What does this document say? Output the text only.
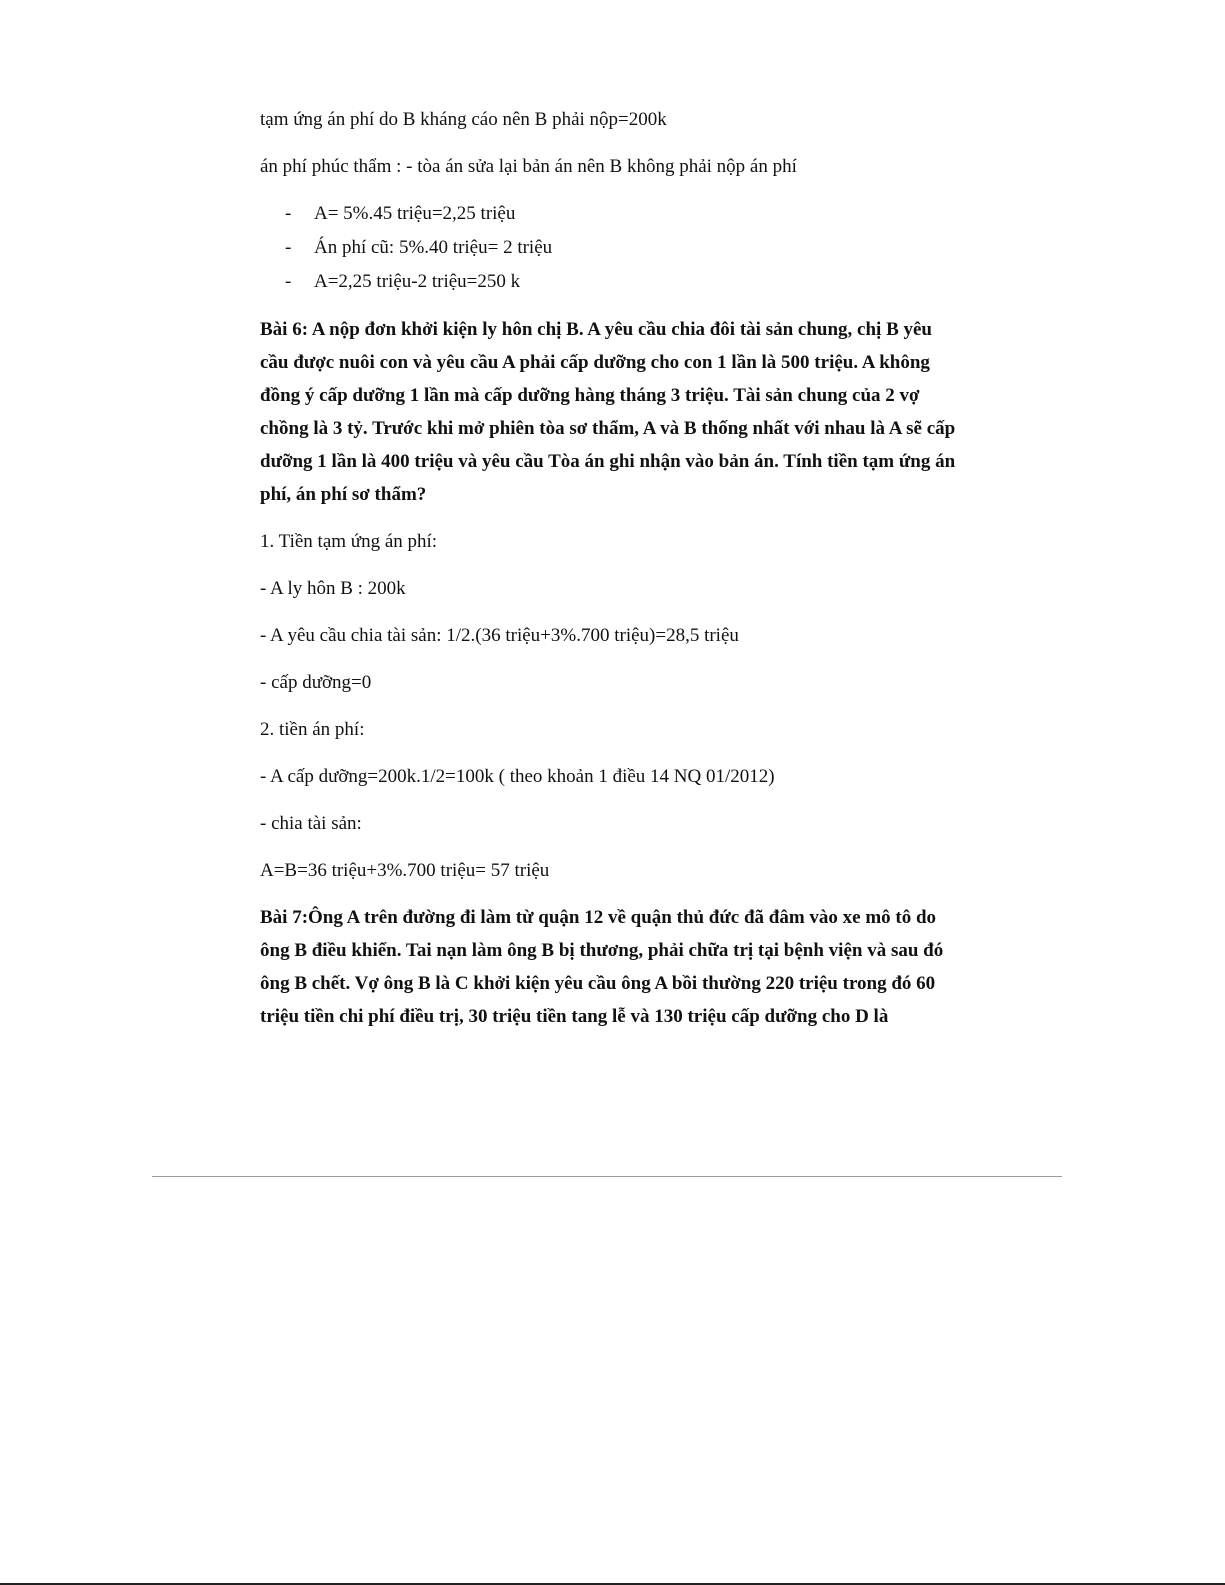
tạm ứng án phí do B kháng cáo nên B phải nộp=200k

án phí phúc thẩm : - tòa án sửa lại bản án nên B không phải nộp án phí

- A= 5%.45 triệu=2,25 triệu
- Án phí cũ: 5%.40 triệu= 2 triệu
- A=2,25 triệu-2 triệu=250 k

Bài 6: A nộp đơn khởi kiện ly hôn chị B. A yêu cầu chia đôi tài sản chung, chị B yêu cầu được nuôi con và yêu cầu A phải cấp dưỡng cho con 1 lần là 500 triệu. A không đồng ý cấp dưỡng 1 lần mà cấp dưỡng hàng tháng 3 triệu. Tài sản chung của 2 vợ chồng là 3 tỷ. Trước khi mở phiên tòa sơ thẩm, A và B thống nhất với nhau là A sẽ cấp dưỡng 1 lần là 400 triệu và yêu cầu Tòa án ghi nhận vào bản án. Tính tiền tạm ứng án phí, án phí sơ thẩm?

1. Tiền tạm ứng án phí:

- A ly hôn B : 200k

- A yêu cầu chia tài sản: 1/2.(36 triệu+3%.700 triệu)=28,5 triệu

- cấp dưỡng=0

2. tiền án phí:

- A cấp dưỡng=200k.1/2=100k ( theo khoản 1 điều 14 NQ 01/2012)

- chia tài sản:

A=B=36 triệu+3%.700 triệu= 57 triệu

Bài 7:Ông A trên đường đi làm từ quận 12 về quận thủ đức đã đâm vào xe mô tô do ông B điều khiển. Tai nạn làm ông B bị thương, phải chữa trị tại bệnh viện và sau đó ông B chết. Vợ ông B là C khởi kiện yêu cầu ông A bồi thường 220 triệu trong đó 60 triệu tiền chi phí điều trị, 30 triệu tiền tang lễ và 130 triệu cấp dưỡng cho D là
